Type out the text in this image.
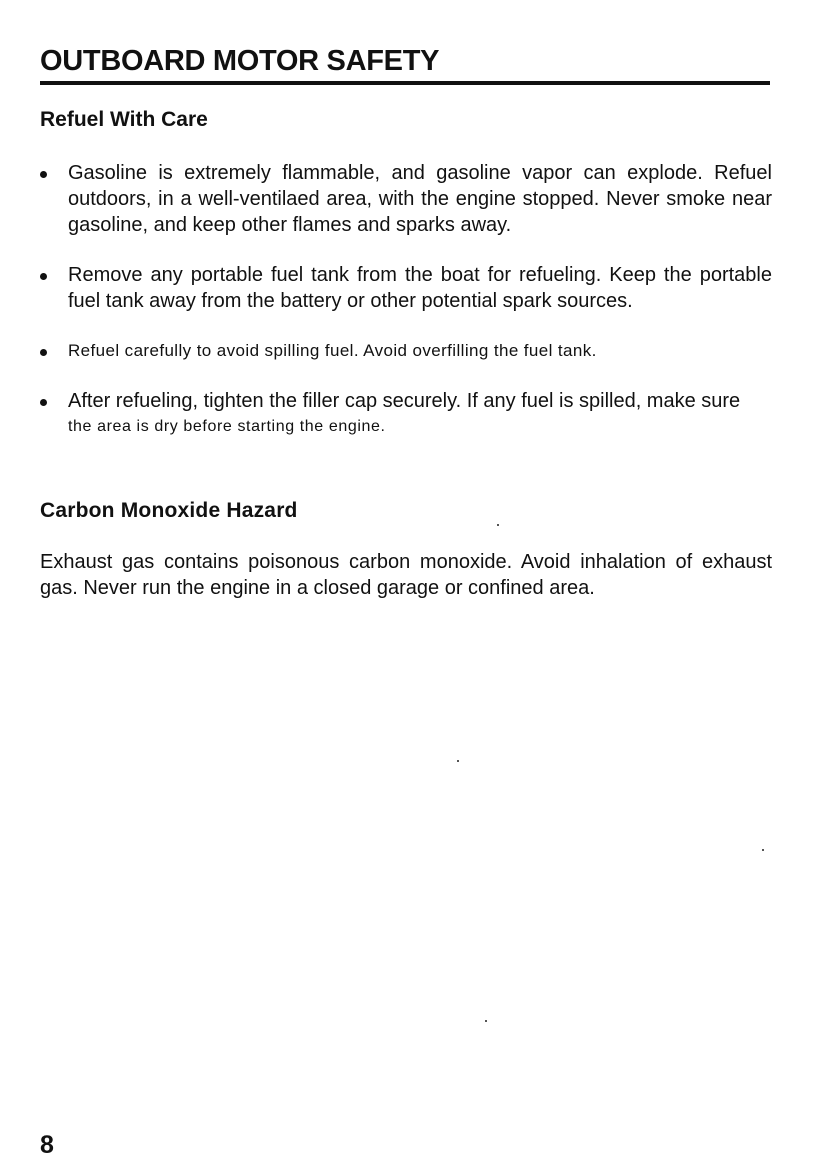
OUTBOARD MOTOR SAFETY
Refuel With Care
Gasoline is extremely flammable, and gasoline vapor can explode. Refuel outdoors, in a well-ventilaed area, with the engine stopped. Never smoke near gasoline, and keep other flames and sparks away.
Remove any portable fuel tank from the boat for refueling. Keep the portable fuel tank away from the battery or other potential spark sources.
Refuel carefully to avoid spilling fuel. Avoid overfilling the fuel tank.
After refueling, tighten the filler cap securely. If any fuel is spilled, make sure
the area is dry before starting the engine.
Carbon Monoxide Hazard

Exhaust gas contains poisonous carbon monoxide. Avoid inhalation of exhaust gas. Never run the engine in a closed garage or confined area.

8
